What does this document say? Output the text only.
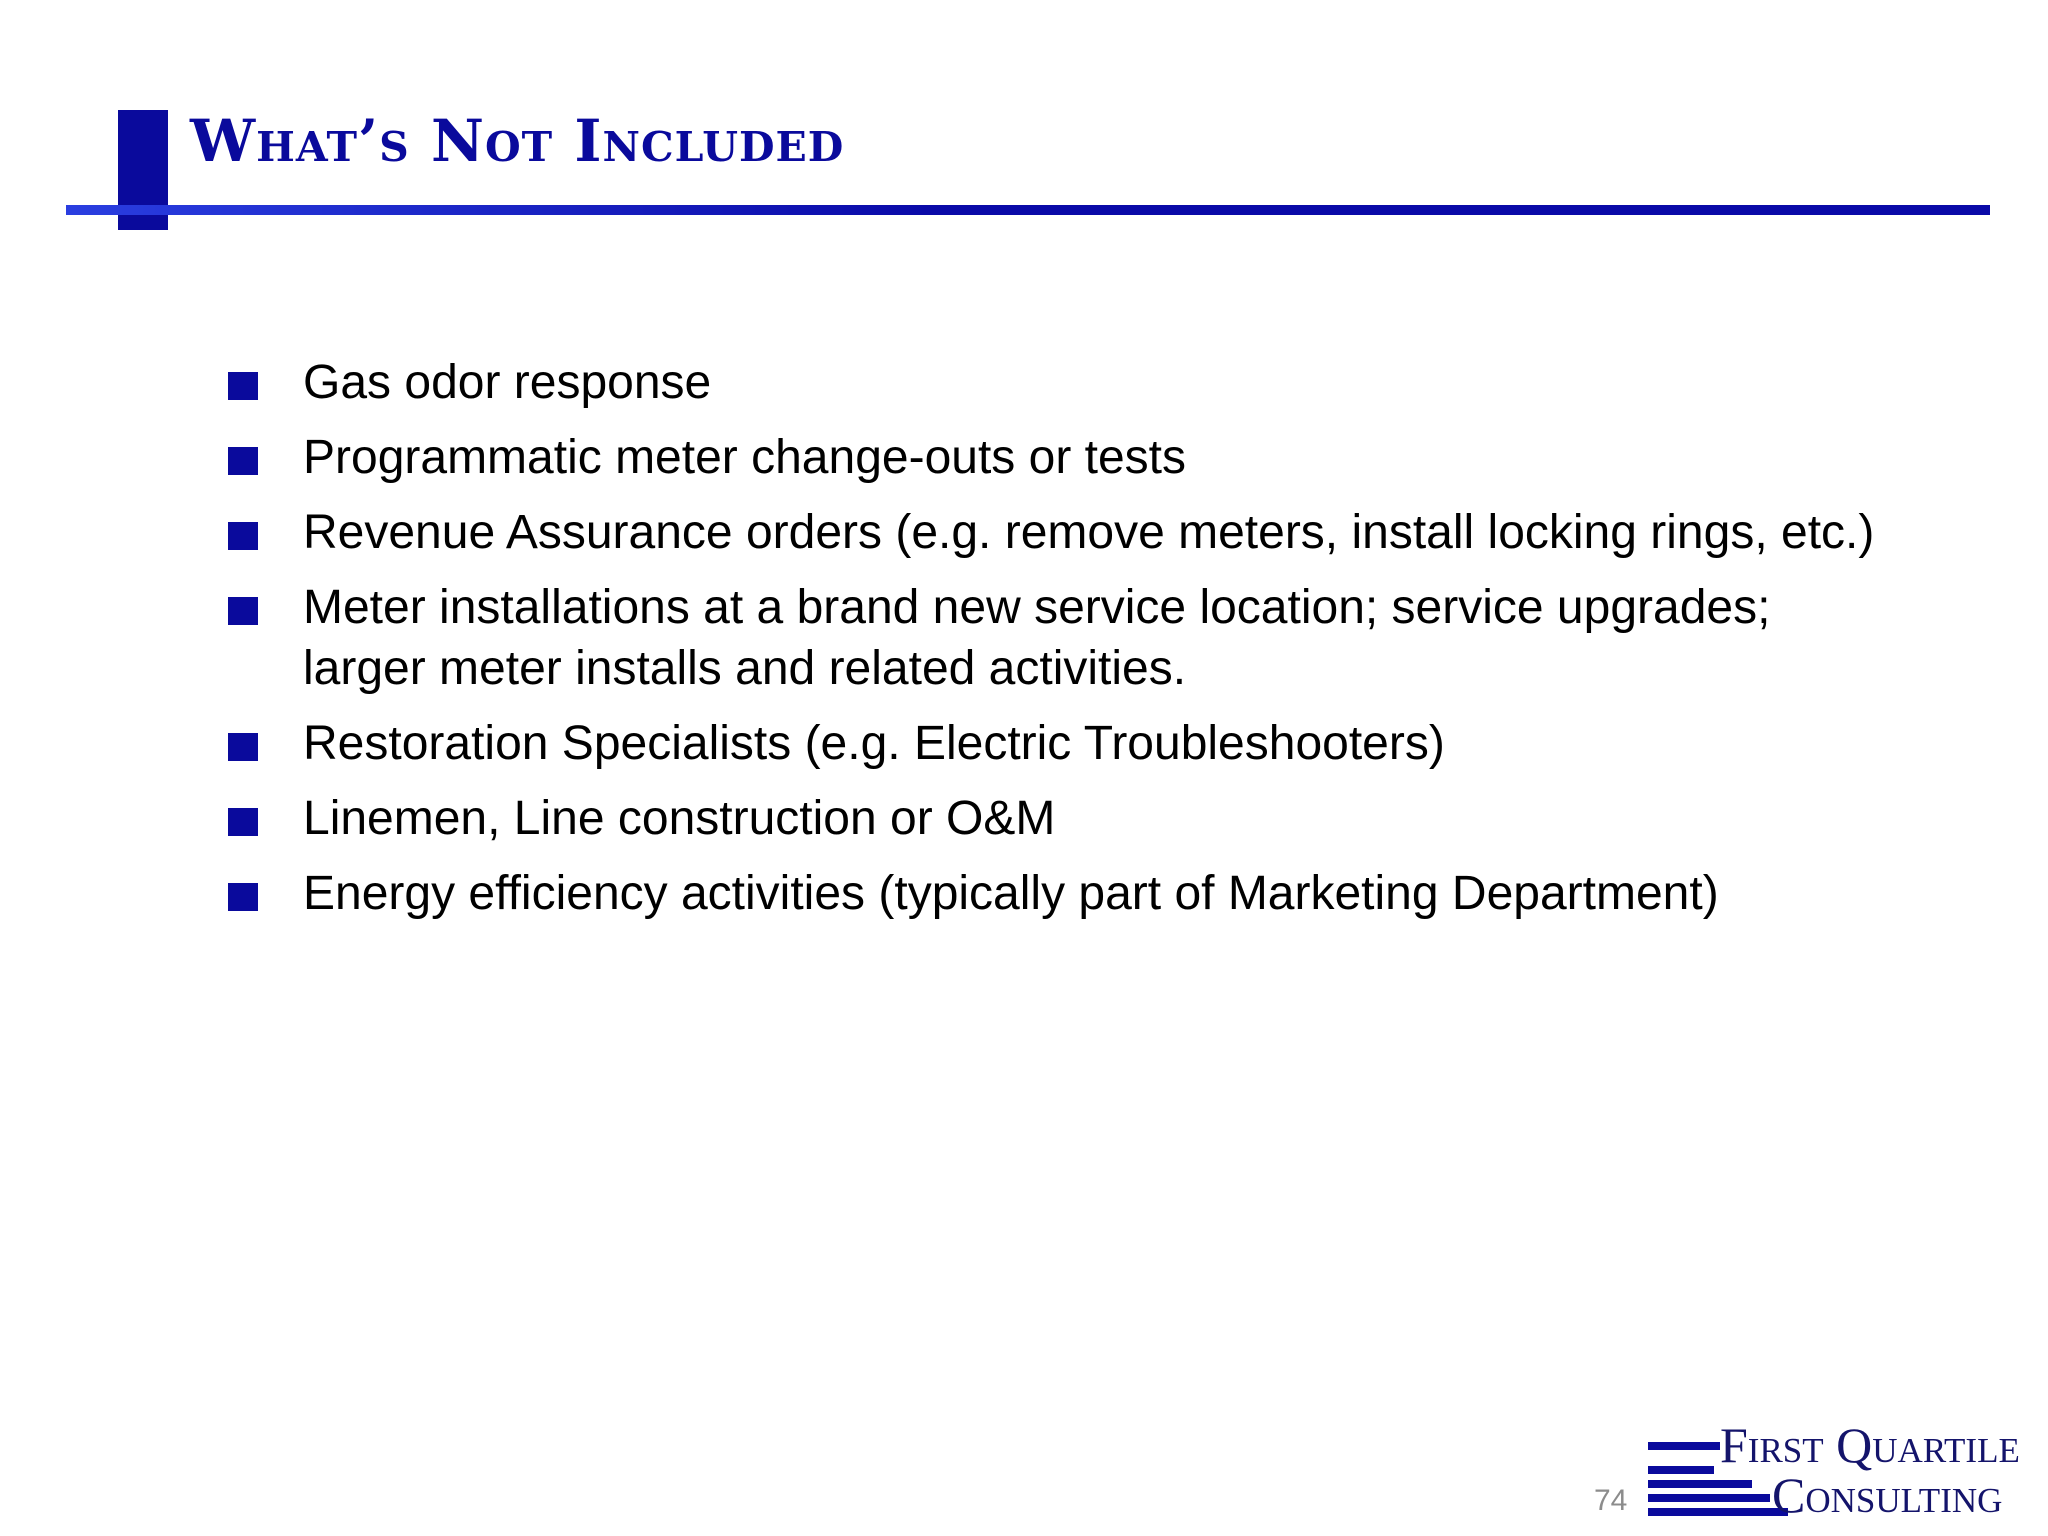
What’s Not Included
Gas odor response
Programmatic meter change-outs or tests
Revenue Assurance orders (e.g. remove meters, install locking rings, etc.)
Meter installations at a brand new service location; service upgrades; larger meter installs and related activities.
Restoration Specialists (e.g. Electric Troubleshooters)
Linemen, Line construction or O&M
Energy efficiency activities (typically part of Marketing Department)
74
First Quartile
Consulting
